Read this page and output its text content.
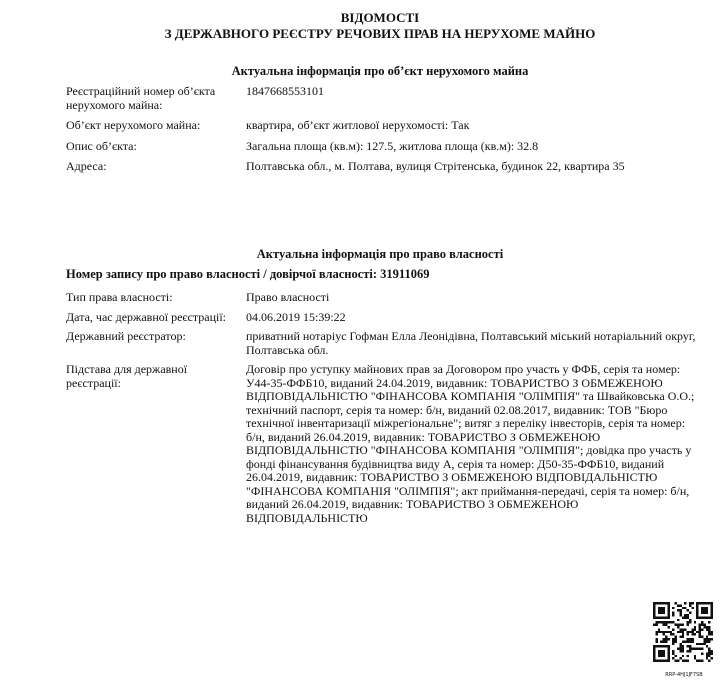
ВІДОМОСТІ
З ДЕРЖАВНОГО РЕЄСТРУ РЕЧОВИХ ПРАВ НА НЕРУХОМЕ МАЙНО
Актуальна інформація про об’єкт нерухомого майна
Реєстраційний номер об’єкта нерухомого майна:
1847668553101
Об’єкт нерухомого майна:	квартира, об’єкт житлової нерухомості: Так
Опис об’єкта:	Загальна площа (кв.м): 127.5, житлова площа (кв.м): 32.8
Адреса:	Полтавська обл., м. Полтава, вулиця Стрітенська, будинок 22, квартира 35
Актуальна інформація про право власності
Номер запису про право власності / довірчої власності: 31911069
Тип права власності:	Право власності
Дата, час державної реєстрації:	04.06.2019 15:39:22
Державний реєстратор:	приватний нотаріус Гофман Елла Леонідівна, Полтавський міський нотаріальний округ, Полтавська обл.
Підстава для державної реєстрації:
Договір про уступку майнових прав за Договором про участь у ФФБ, серія та номер: У44-35-ФФБ10, виданий 24.04.2019, видавник: ТОВАРИСТВО З ОБМЕЖЕНОЮ ВІДПОВІДАЛЬНІСТЮ "ФІНАНСОВА КОМПАНІЯ "ОЛІМПІЯ" та Швайковська О.О.; технічний паспорт, серія та номер: б/н, виданий 02.08.2017, видавник: ТОВ "Бюро технічної інвентаризації міжрегіональне"; витяг з переліку інвесторів, серія та номер: б/н, виданий 26.04.2019, видавник: ТОВАРИСТВО З ОБМЕЖЕНОЮ ВІДПОВІДАЛЬНІСТЮ "ФІНАНСОВА КОМПАНІЯ "ОЛІМПІЯ"; довідка про участь у фонді фінансування будівництва виду А, серія та номер: Д50-35-ФФБ10, виданий 26.04.2019, видавник: ТОВАРИСТВО З ОБМЕЖЕНОЮ ВІДПОВІДАЛЬНІСТЮ "ФІНАНСОВА КОМПАНІЯ "ОЛІМПІЯ"; акт приймання-передачі, серія та номер: б/н, виданий 26.04.2019, видавник: ТОВАРИСТВО З ОБМЕЖЕНОЮ ВІДПОВІДАЛЬНІСТЮ
RRP-4HJ1JF7SB
